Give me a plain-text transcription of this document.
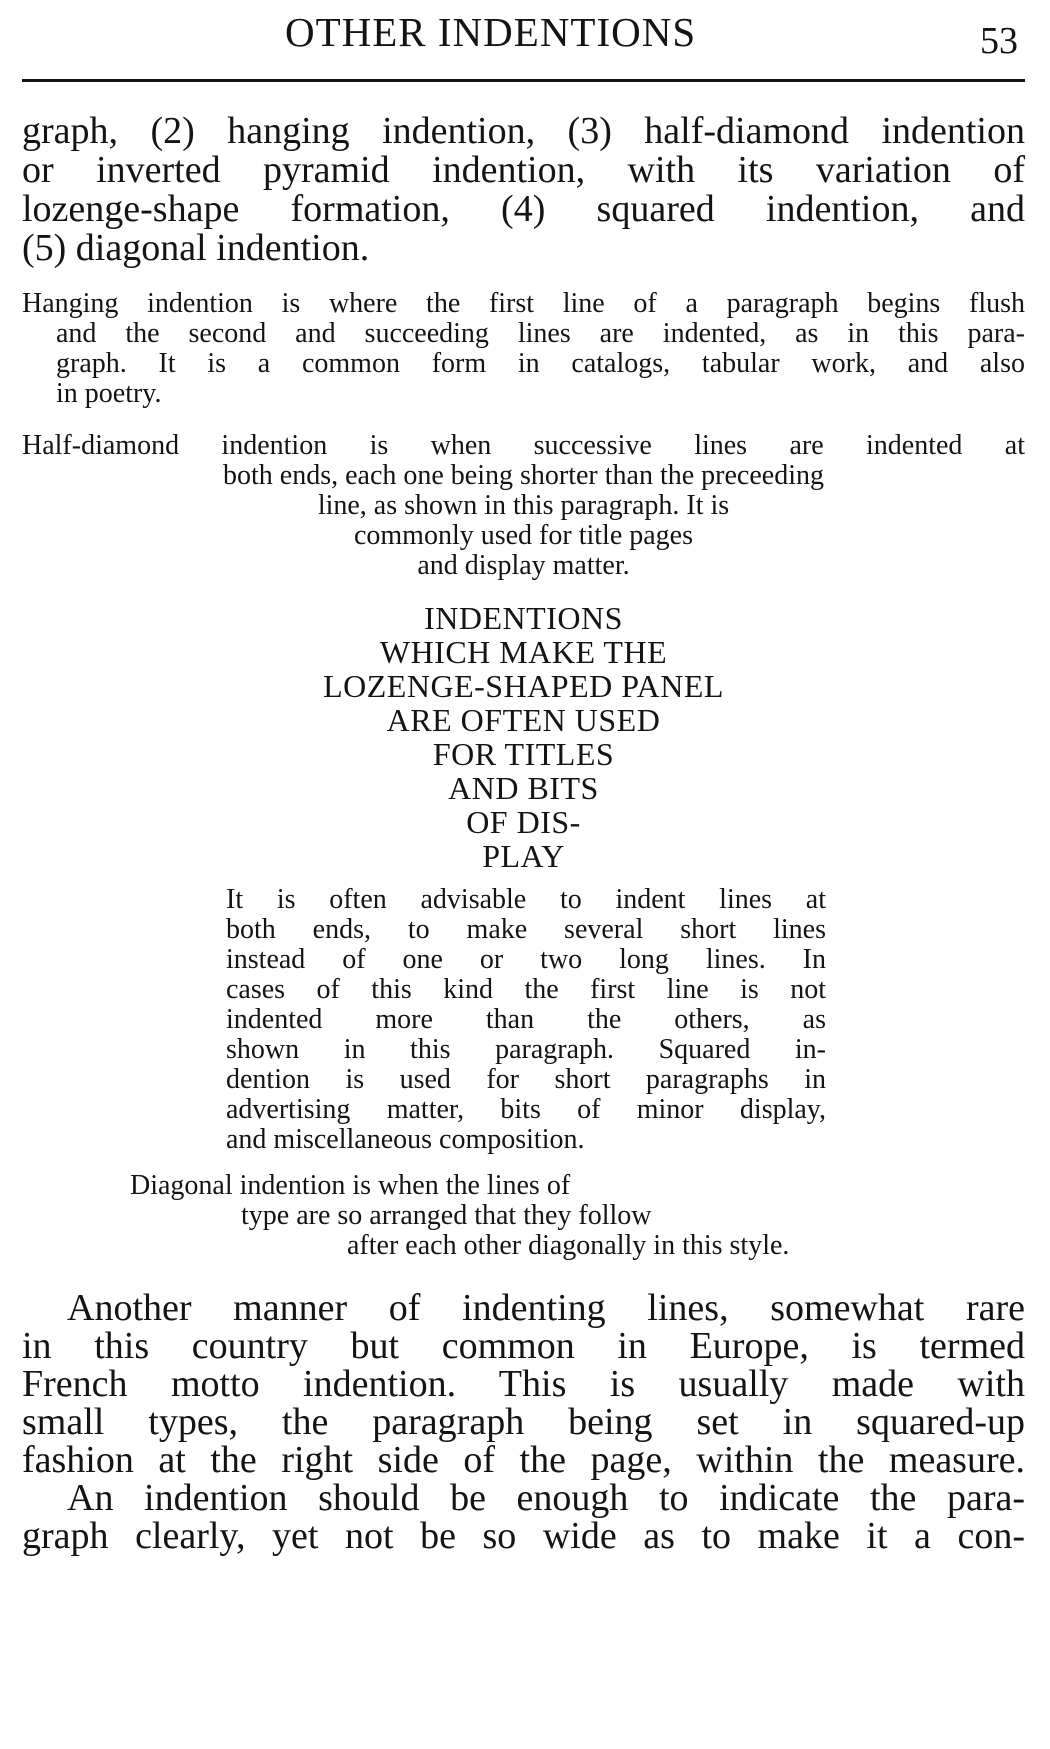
OTHER INDENTIONS	53
graph, (2) hanging indention, (3) half-diamond indention
or inverted pyramid indention, with its variation of
lozenge-shape formation, (4) squared indention, and
(5) diagonal indention.
Hanging indention is where the first line of a paragraph begins flush
and the second and succeeding lines are indented, as in this para-
graph. It is a common form in catalogs, tabular work, and also
in poetry.
Half-diamond indention is when successive lines are indented at
both ends, each one being shorter than the preceeding
line, as shown in this paragraph. It is
commonly used for title pages
and display matter.
INDENTIONS
WHICH MAKE THE
LOZENGE-SHAPED PANEL
ARE OFTEN USED
FOR TITLES
AND BITS
OF DIS-
PLAY
It is often advisable to indent lines at
both ends, to make several short lines
instead of one or two long lines. In
cases of this kind the first line is not
indented more than the others, as
shown in this paragraph. Squared in-
dention is used for short paragraphs in
advertising matter, bits of minor display,
and miscellaneous composition.
Diagonal indention is when the lines of
type are so arranged that they follow
after each other diagonally in this style.
Another manner of indenting lines, somewhat rare
in this country but common in Europe, is termed
French motto indention. This is usually made with
small types, the paragraph being set in squared-up
fashion at the right side of the page, within the measure.
An indention should be enough to indicate the para-
graph clearly, yet not be so wide as to make it a con-
